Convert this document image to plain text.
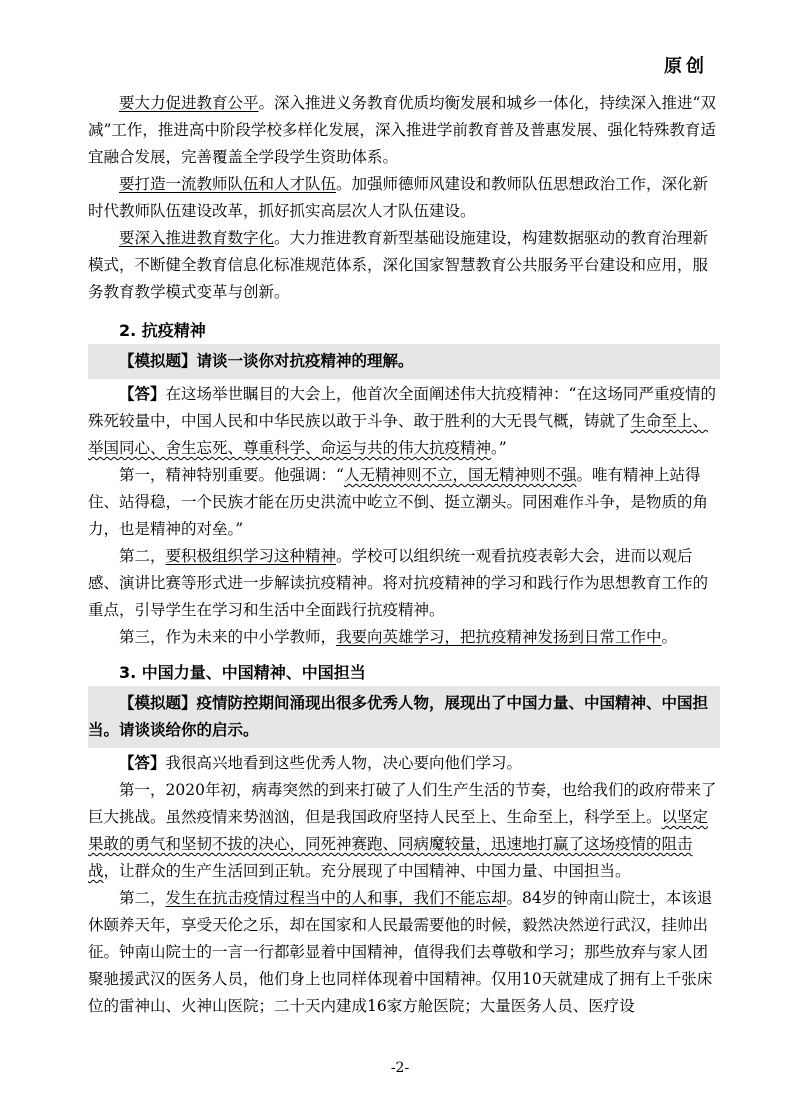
原创

要大力促进教育公平。深入推进义务教育优质均衡发展和城乡一体化，持续深入推进“双减”工作，推进高中阶段学校多样化发展，深入推进学前教育普及普惠发展、强化特殊教育适宜融合发展，完善覆盖全学段学生资助体系。

要打造一流教师队伍和人才队伍。加强师德师风建设和教师队伍思想政治工作，深化新时代教师队伍建设改革，抓好抓实高层次人才队伍建设。

要深入推进教育数字化。大力推进教育新型基础设施建设，构建数据驱动的教育治理新模式，不断健全教育信息化标准规范体系，深化国家智慧教育公共服务平台建设和应用，服务教育教学模式变革与创新。

2. 抗疫精神
【模拟题】请谈一谈你对抗疫精神的理解。

【答】在这场举世瞩目的大会上，他首次全面阐述伟大抗疫精神：“在这场同严重疫情的殊死较量中，中国人民和中华民族以敢于斗争、敢于胜利的大无畏气概，铸就了生命至上、举国同心、舍生忘死、尊重科学、命运与共的伟大抗疫精神。”

第一，精神特别重要。他强调：“人无精神则不立，国无精神则不强。唯有精神上站得住、站得稳，一个民族才能在历史洪流中屹立不倒、挺立潮头。同困难作斗争，是物质的角力，也是精神的对垒。”

第二，要积极组织学习这种精神。学校可以组织统一观看抗疫表彰大会，进而以观后感、演讲比赛等形式进一步解读抗疫精神。将对抗疫精神的学习和践行作为思想教育工作的重点，引导学生在学习和生活中全面践行抗疫精神。

第三，作为未来的中小学教师，我要向英雄学习，把抗疫精神发扬到日常工作中。

3. 中国力量、中国精神、中国担当
【模拟题】疫情防控期间涌现出很多优秀人物，展现出了中国力量、中国精神、中国担当。请谈谈给你的启示。

【答】我很高兴地看到这些优秀人物，决心要向他们学习。

第一，2020年初，病毒突然的到来打破了人们生产生活的节奏，也给我们的政府带来了巨大挑战。虽然疫情来势汹汹，但是我国政府坚持人民至上、生命至上，科学至上。以坚定果敢的勇气和坚韧不拔的决心，同死神赛跑、同病魔较量，迅速地打赢了这场疫情的阻击战，让群众的生产生活回到正轨。充分展现了中国精神、中国力量、中国担当。

第二，发生在抗击疫情过程当中的人和事，我们不能忘却。84岁的钟南山院士，本该退休颐养天年，享受天伦之乐，却在国家和人民最需要他的时候，毅然决然逆行武汉，挂帅出征。钟南山院士的一言一行都彰显着中国精神，值得我们去尊敬和学习；那些放弃与家人团聚驰援武汉的医务人员，他们身上也同样体现着中国精神。仅用10天就建成了拥有上千张床位的雷神山、火神山医院；二十天内建成16家方舱医院；大量医务人员、医疗设

-2-
